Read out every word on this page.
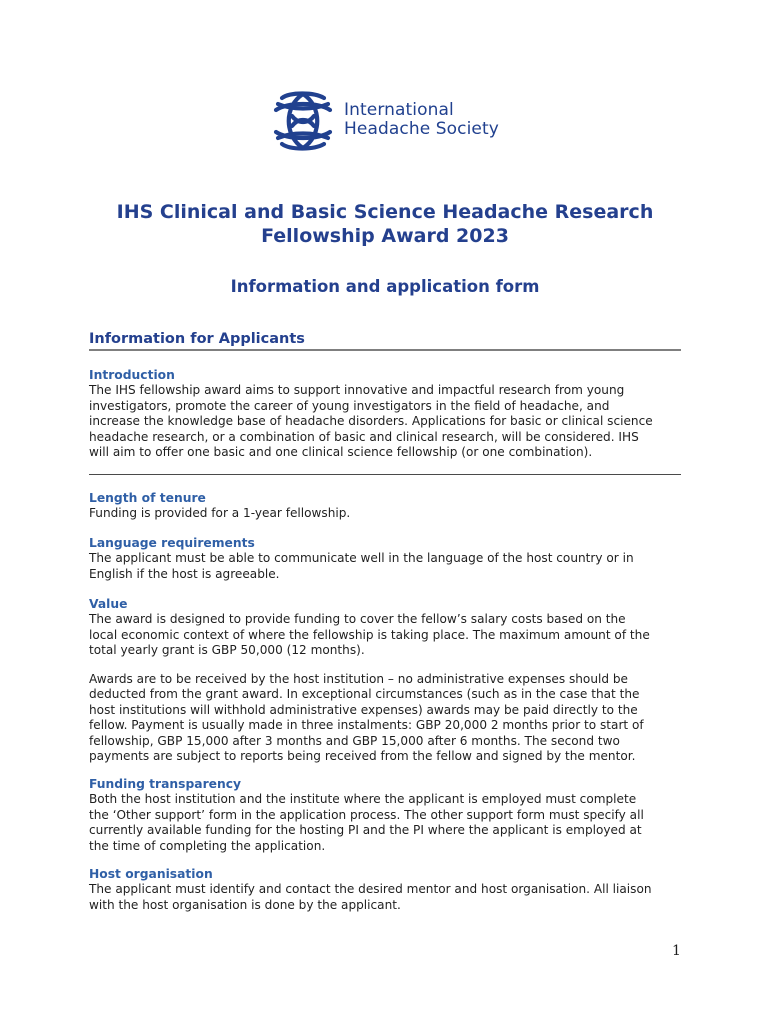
International
Headache Society
IHS Clinical and Basic Science Headache Research
Fellowship Award 2023
Information and application form
Information for Applicants
Introduction

The IHS fellowship award aims to support innovative and impactful research from young

investigators, promote the career of young investigators in the field of headache, and

increase the knowledge base of headache disorders. Applications for basic or clinical science

headache research, or a combination of basic and clinical research, will be considered. IHS

will aim to offer one basic and one clinical science fellowship (or one combination).

Length of tenure

Funding is provided for a 1-year fellowship.

Language requirements

The applicant must be able to communicate well in the language of the host country or in

English if the host is agreeable.

Value

The award is designed to provide funding to cover the fellow’s salary costs based on the

local economic context of where the fellowship is taking place. The maximum amount of the

total yearly grant is GBP 50,000 (12 months).

Awards are to be received by the host institution – no administrative expenses should be

deducted from the grant award. In exceptional circumstances (such as in the case that the

host institutions will withhold administrative expenses) awards may be paid directly to the

fellow. Payment is usually made in three instalments: GBP 20,000 2 months prior to start of

fellowship, GBP 15,000 after 3 months and GBP 15,000 after 6 months. The second two

payments are subject to reports being received from the fellow and signed by the mentor.

Funding transparency

Both the host institution and the institute where the applicant is employed must complete

the ‘Other support’ form in the application process. The other support form must specify all

currently available funding for the hosting PI and the PI where the applicant is employed at

the time of completing the application.

Host organisation

The applicant must identify and contact the desired mentor and host organisation. All liaison

with the host organisation is done by the applicant.

1
